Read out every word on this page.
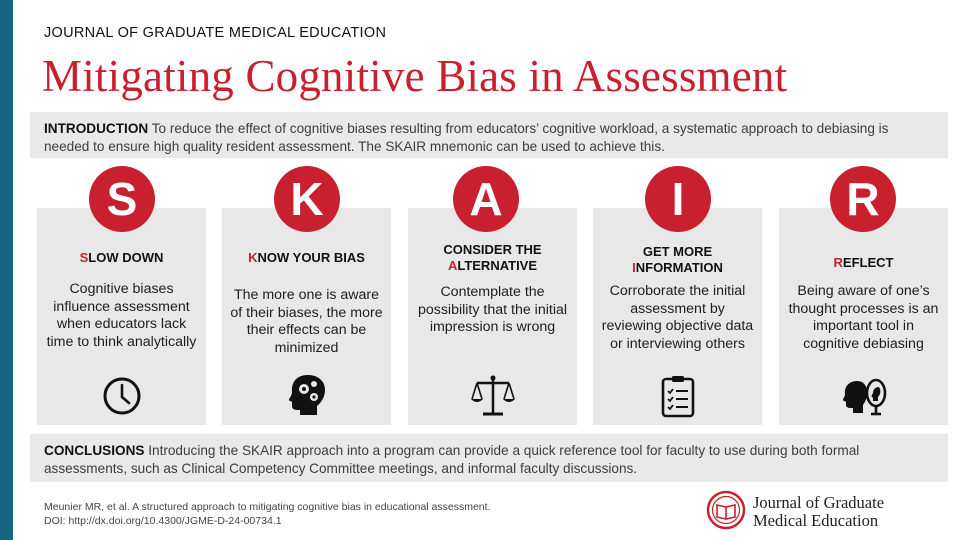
JOURNAL OF GRADUATE MEDICAL EDUCATION
Mitigating Cognitive Bias in Assessment
INTRODUCTION To reduce the effect of cognitive biases resulting from educators’ cognitive workload, a systematic approach to debiasing is needed to ensure high quality resident assessment. The SKAIR mnemonic can be used to achieve this.
SLOW DOWN
Cognitive biases influence assessment when educators lack time to think analytically
S
KNOW YOUR BIAS
The more one is aware of their biases, the more their effects can be minimized
K
CONSIDER THE
ALTERNATIVE
Contemplate the possibility that the initial impression is wrong
A
GET MORE
INFORMATION
Corroborate the initial assessment by reviewing objective data or interviewing others
I
REFLECT
Being aware of one’s thought processes is an important tool in cognitive debiasing
R
CONCLUSIONS Introducing the SKAIR approach into a program can provide a quick reference tool for faculty to use during both formal assessments, such as Clinical Competency Committee meetings, and informal faculty discussions.
Meunier MR, et al. A structured approach to mitigating cognitive bias in educational assessment.
DOI: http://dx.doi.org/10.4300/JGME-D-24-00734.1
Journal of Graduate
Medical Education
